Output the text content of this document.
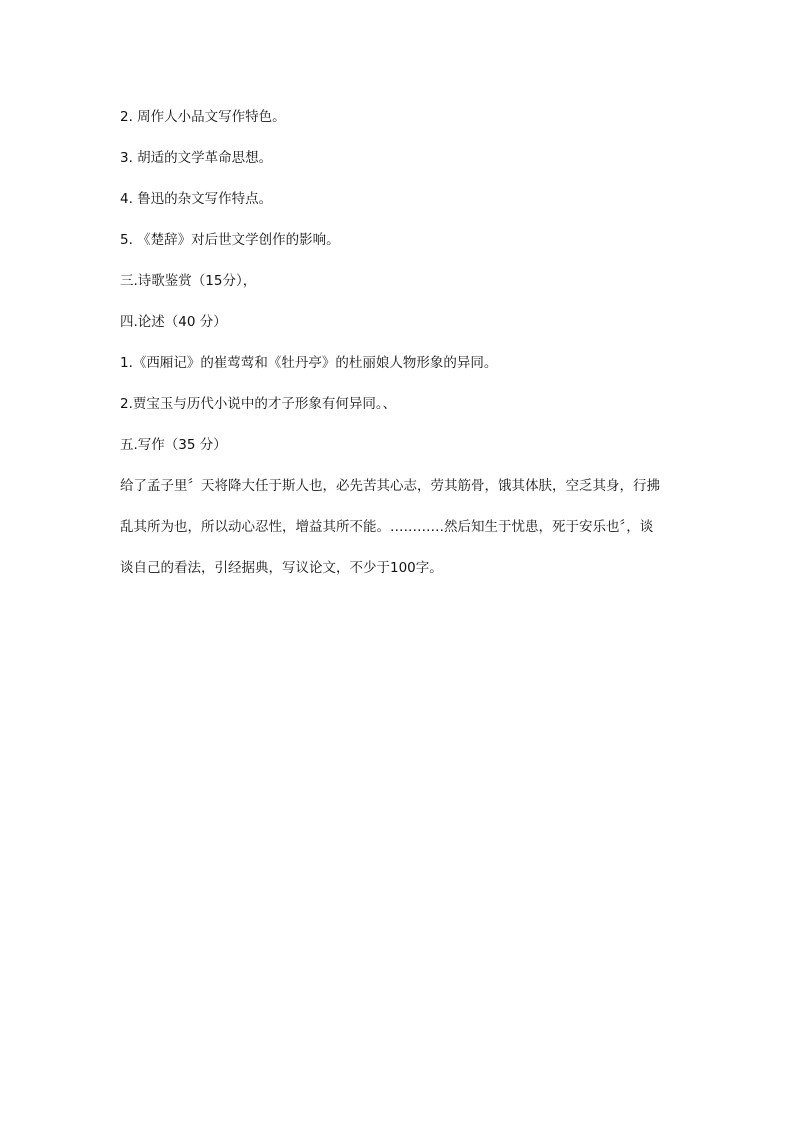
2. 周作人小品文写作特色。

3. 胡适的文学革命思想。

4. 鲁迅的杂文写作特点。

5. 《楚辞》对后世文学创作的影响。

三.诗歌鉴赏（15分），

四.论述（40 分）

1.《西厢记》的崔莺莺和《牡丹亭》的杜丽娘人物形象的异同。

2.贾宝玉与历代小说中的才子形象有何异同。、

五.写作（35 分）

给了孟子里〞天将降大任于斯人也，必先苦其心志，劳其筋骨，饿其体肤，空乏其身，行拂

乱其所为也，所以动心忍性，增益其所不能。…………然后知生于忧患，死于安乐也〞，谈

谈自己的看法，引经据典，写议论文，不少于100字。
